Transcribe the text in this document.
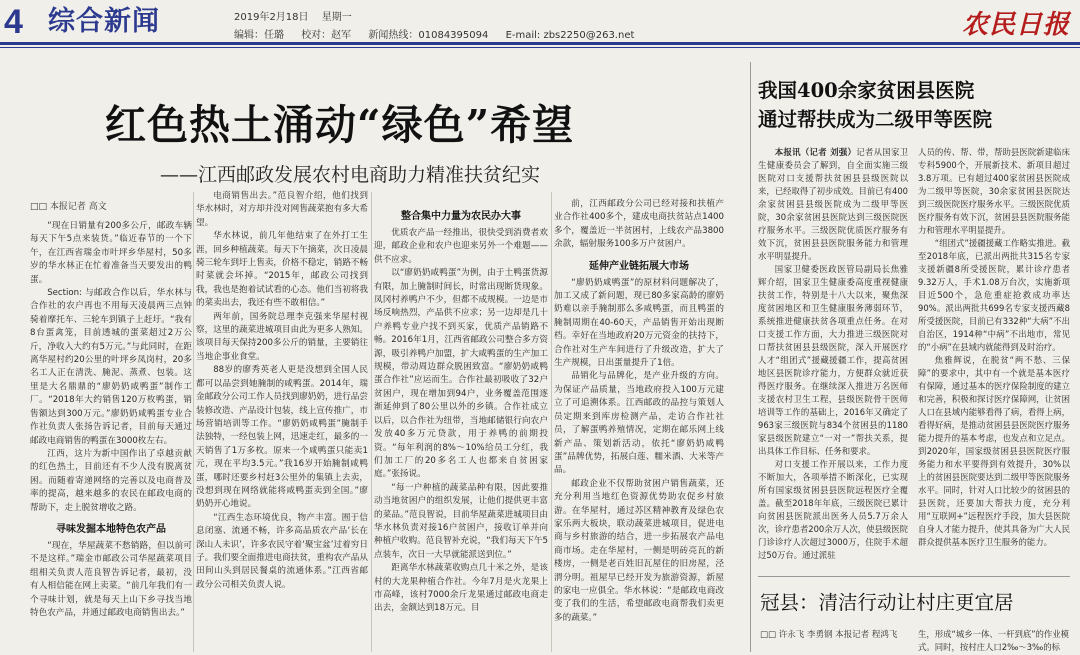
4 综合新闻	2019年2月18日 星期一
编辑：任璐 校对：赵军 新闻热线：01084395094 E-mail: zbs2250@263.net	农民日报
红色热土涌动“绿色”希望
——江西邮政发展农村电商助力精准扶贫纪实
□□ 本报记者 高文

“现在日销量有200多公斤，邮政车辆每天下午5点来装货。”临近春节的一个下午，在江西省瑞金市叶坪乡华屋村，50多岁的华水林正在忙着准备当天要发出的鸭蛋。

Section: 与邮政合作以后，华水林与合作社的农户再也不用每天凌晨两三点钟骑着摩托车、三轮车到镇子上赶圩。“我有8台蛋禽笼，目前透城的蛋菜超过2万公斤，净收入大约有5万元。”与此同时，在距离华屋村约20公里的叶坪乡凤岗村，20多名工人正在清洗、腌泥、蒸煮、包装。这里是大名鼎鼎的“廖奶奶咸鸭蛋”制作工厂。“2018年大约销售120万枚鸭蛋，销售额达到300万元。”廖奶奶咸鸭蛋专业合作社负责人张扬告诉记者，目前每天通过邮政电商销售的鸭蛋在3000枚左右。

江西，这片为新中国作出了卓越贡献的红色热土，目前还有不少人没有脱离贫困。而随着寄递网络的完善以及电商普及率的提高，越来越多的农民在邮政电商的帮助下，走上脱贫增收之路。

寻味发掘本地特色农产品

“现在，华屋蔬菜不愁销路，但以前可不是这样。”瑞金市邮政公司华屋蔬菜项目组相关负责人范良智告诉记者，最初，没有人相信能在网上卖菜。“前几年我们有一个寻味计划，就是每天上山下乡寻找当地特色农产品，并通过邮政电商销售出去。”

电商销售出去。”范良智介绍，他们找到华水林时，对方却并没对网售蔬菜抱有多大希望。

华水林说，前几年他结束了在外打工生涯，回乡种植蔬菜。每天下午摘菜，次日凌晨骑三轮车到圩上售卖，价格不稳定，销路不畅时菜就会坏掉。“2015年，邮政公司找到我，我也是抱着试试看的心态。他们当初将我的菜卖出去，我还有些不敢相信。”

两年前，国务院总理李克强来华屋村视察，这里的蔬菜进城项目由此为更多人熟知。该项目每天保持200多公斤的销量，主要销往当地企事业食堂。

88岁的廖秀英老人更是没想到全国人民都可以品尝到她腌制的咸鸭蛋。2014年，瑞金邮政分公司工作人员找到廖奶奶，进行品尝装修改造、产品设计包装，线上宣传推广，市场营销培训等工作。“廖奶奶咸鸭蛋”腌制手法独特，一经包装上网，迅速走红，最多的一天销售了1万多枚。原来一个咸鸭蛋只能卖1元，现在平均3.5元。”我16岁开始腌制咸鸭蛋，哪时还要乡村赶3公里外的集镇上去卖，没想到现在网络就能将咸鸭蛋卖到全国。”廖奶奶开心地说。

“江西生态环境优良，物产丰富。囿于信息闭塞、流通不畅，许多高品质农产品‘长在深山人未识’，许多农民守着‘聚宝盆’过着穷日子。我们要全面推进电商扶贫，重构农产品从田间山头到居民餐桌的流通体系。”江西省邮政分公司相关负责人说。

整合集中力量为农民办大事

优质农产品一经推出，很快受到消费者欢迎，邮政企业和农户也迎来另外一个难题——供不应求。

以“廖奶奶咸鸭蛋”为例，由于土鸭蛋货源有限，加上腌制时间长，时常出现断货现象。凤冈村养鸭户不少，但都不成规模。一边是市场反响热烈，产品供不应求；另一边却是几十户养鸭专业户找不到买家，优质产品销路不畅。2016年1月，江西省邮政公司整合多方资源，吸引养鸭户加盟，扩大咸鸭蛋的生产加工规模，带动周边群众脱困致富。“廖奶奶咸鸭蛋合作社”应运而生。合作社最初吸收了32户贫困户，现在增加到94户，业务覆盖范围逐渐延伸到了80公里以外的乡镇。合作社成立以后，以合作社为纽带，当地邮储银行向农户发放40多万元贷款，用于养鸭的前期投资。“每年利润的8%～10%给员工分红，我们加工厂的20多名工人也都来自贫困家庭。”张扬说。

“每一户种植的蔬菜品种有限，因此要推动当地贫困户的组织发展，让他们提供更丰富的菜品。”范良智说，目前华屋蔬菜进城项目由华水林负责对接16户贫困户，接收订单并向种植户收购。范良智补充说，“我们每天下午5点装车，次日一大早就能派送到位。”

距离华水林蔬菜收购点几十米之外，是该村的大龙果种植合作社。今年7月是火龙果上市高峰，该村7000余斤龙果通过邮政电商走出去，金额达到18万元。目

前，江西邮政分公司已经对接和扶植产业合作社400多个，建成电商扶贫站点1400多个，覆盖近一半贫困村，上线农产品3800余款，辐射服务100多万户贫困户。

延伸产业链拓展大市场

“廖奶奶咸鸭蛋”的原材料问题解决了，加工又成了新问题，现已80多家高龄的廖奶奶难以亲手腌制那么多咸鸭蛋，而且鸭蛋的腌制周期在40-60天，产品销售开始出现断档。幸好在当地政府20万元资金的扶持下，合作社对生产车间进行了升级改造，扩大了生产规模，日出蛋量提升了1倍。

品销化与品牌化，是产业升级的方向。为保证产品质量，当地政府投入100万元建立了可追溯体系。江西邮政的品控与策划人员定期来到库房检测产品，走访合作社社员，了解蛋鸭养殖情况，定期在邮乐网上线新产品、策划新活动，依托“廖奶奶咸鸭蛋”品牌优势，拓展白莲、糯米酒、大米等产品。

邮政企业不仅帮助贫困户销售蔬菜，还充分利用当地红色资源优势助农促乡村旅游。在华屋村，通过苏区精神教育及绿色农家乐两大板块，联动蔬菜进城项目，促进电商与乡村旅游的结合，进一步拓展农产品电商市场。走在华屋村，一侧是明砖亮瓦的新楼房，一侧是老百姓旧瓦屋住的旧房屋，泾渭分明。祖屋早已经开发为旅游资源，新屋的家电一应俱全。华水林说：“是邮政电商改变了我们的生活，希望邮政电商帮我们卖更多的蔬菜。”

我国400余家贫困县医院
通过帮扶成为二级甲等医院

本报讯（记者 刘强）记者从国家卫生健康委员会了解到，自全面实施三级医院对口支援帮扶贫困县县级医院以来，已经取得了初步成效。目前已有400余家贫困县县级医院成为二级甲等医院，30余家贫困县医院达到三级医院医疗服务水平。三级医院优质医疗服务有效下沉，贫困县县医院服务能力和管理水平明显提升。

国家卫健委医政医管局副局长焦雅辉介绍，国家卫生健康委高度重视健康扶贫工作，特别是十八大以来，聚焦深度贫困地区和卫生健康服务薄弱环节，系统推进健康扶贫各项重点任务。在对口支援工作方面，大力推进三级医院对口帮扶贫困县县级医院，深入开展医疗人才“组团式”援藏援疆工作，提高贫困地区县医院诊疗能力，方便群众就近获得医疗服务。在继续深入推进万名医师支援农村卫生工程，县级医院骨干医师培训等工作的基础上，2016年又确定了963家三级医院与834个贫困县的1180家县级医院建立“一对一”帮扶关系，提出具体工作目标、任务和要求。

对口支援工作开展以来，工作力度不断加大，各项举措不断深化，已实现所有国家级贫困县县医院远程医疗全覆盖。截至2018年年底，三级医院已累计向贫困县医院派出医务人员5.7万余人次，诊疗患者200余万人次，使县级医院门诊诊疗人次超过3000万，住院手术超过50万台。通过派驻

人员的传、帮、带，帮助县医院新建临床专科5900个，开展新技术、新项目超过3.8万项。已有超过400家贫困县医院成为二级甲等医院，30余家贫困县医院达到三级医院医疗服务水平。三级医院优质医疗服务有效下沉，贫困县县医院服务能力和管理水平明显提升。

“组团式”援疆援藏工作略实推进。截至2018年底，已派出两批共315名专家支援新疆8所受援医院，累计诊疗患者9.32万人，手术1.08万台次，实施新项目近500个，急危重症抢救成功率达90%。派出两批共699名专家支援西藏8所受援医院，目前已有332种“大病”不出自治区，1914种“中病”不出地市，常见的“小病”在县域内就能得到及时治疗。

焦雅辉说，在脱贫“两不愁、三保障”的要求中，其中有一个就是基本医疗有保障，通过基本的医疗保险制度的建立和完善，积极和探讨医疗保障网，让贫困人口在县域内能够看得了病，看得上病，看得好病，是推动贫困县县医院医疗服务能力提升的基本考虑，也发点和立足点。到2020年，国家级贫困县县医院医疗服务能力和水平要得到有效提升，30%以上的贫困县医院要达到二级甲等医院服务水平。同时，针对人口比较少的贫困县的县医院，还要加大帮扶力度，充分利用“互联网+”远程医疗手段，加大县医院自身人才能力提升，使其具备为广大人民群众提供基本医疗卫生服务的能力。

冠县：清洁行动让村庄更宜居
□□ 许永飞 李勇钢 本报记者 程鸿飞 生，形成“城乡一体、一杆到底”的作业模式。同时，按村庄人口2‰～3‰的标
